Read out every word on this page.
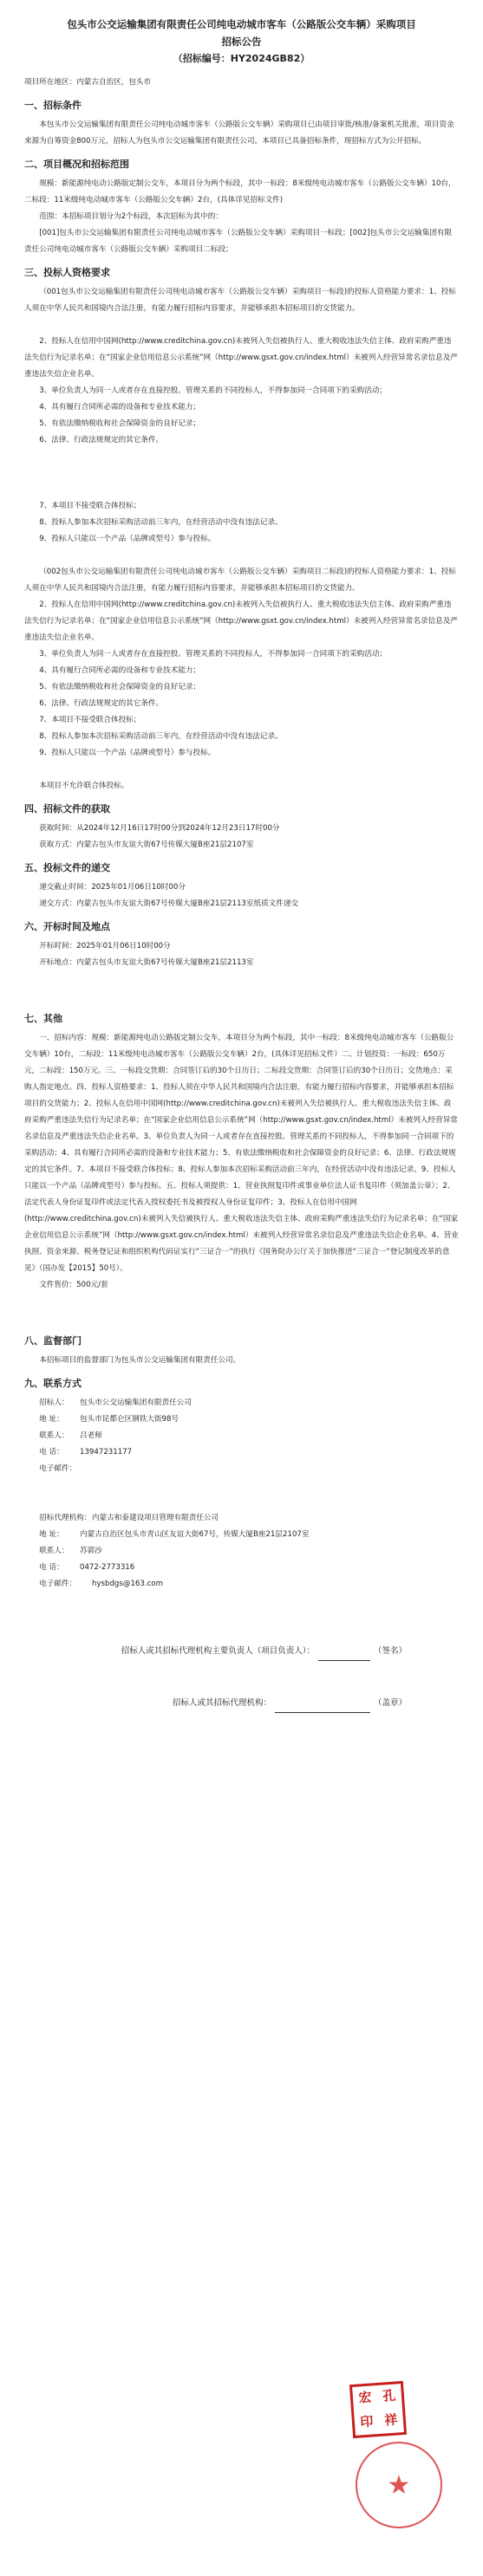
包头市公交运输集团有限责任公司纯电动城市客车（公路版公交车辆）采购项目

招标公告

（招标编号：HY2024GB82）

项目所在地区：内蒙古自治区，包头市

一、招标条件

本包头市公交运输集团有限责任公司纯电动城市客车（公路版公交车辆）采购项目已由项目审批/核准/备案机关批准，项目资金来源为自筹资金800万元，招标人为包头市公交运输集团有限责任公司。本项目已具备招标条件，现招标方式为公开招标。

二、项目概况和招标范围

规模：新能源纯电动公路版定制公交车，本项目分为两个标段，其中一标段：8米级纯电动城市客车（公路版公交车辆）10台，二标段：11米级纯电动城市客车（公路版公交车辆）2台，(具体详见招标文件)

范围：本招标项目划分为2个标段，本次招标为其中的：

[001]包头市公交运输集团有限责任公司纯电动城市客车（公路版公交车辆）采购项目一标段；[002]包头市公交运输集团有限责任公司纯电动城市客车（公路版公交车辆）采购项目二标段；

三、投标人资格要求

（001包头市公交运输集团有限责任公司纯电动城市客车（公路版公交车辆）采购项目一标段)的投标人资格能力要求：1、投标人须在中华人民共和国境内合法注册，有能力履行招标内容要求，并能够承担本招标项目的交货能力。

2、投标人在信用中国网(http://www.creditchina.gov.cn)未被列入失信被执行人、重大税收违法失信主体、政府采购严重违法失信行为记录名单；在“国家企业信用信息公示系统”网（http://www.gsxt.gov.cn/index.html）未被列入经营异常名录信息及严重违法失信企业名单。

3、单位负责人为同一人或者存在直接控股、管理关系的不同投标人，不得参加同一合同项下的采购活动；

4、具有履行合同所必需的设备和专业技术能力；

5、有依法缴纳税收和社会保障资金的良好记录；

6、法律、行政法规规定的其它条件。

7、本项目不接受联合体投标；

8、投标人参加本次招标采购活动前三年内，在经营活动中没有违法记录。

9、投标人只能以一个产品（品牌或型号）参与投标。

（002包头市公交运输集团有限责任公司纯电动城市客车（公路版公交车辆）采购项目二标段)的投标人资格能力要求：1、投标人须在中华人民共和国境内合法注册，有能力履行招标内容要求，并能够承担本招标项目的交货能力。

2、投标人在信用中国网(http://www.creditchina.gov.cn)未被列入失信被执行人、重大税收违法失信主体、政府采购严重违法失信行为记录名单；在“国家企业信用信息公示系统”网（http://www.gsxt.gov.cn/index.html）未被列入经营异常名录信息及严重违法失信企业名单。

3、单位负责人为同一人或者存在直接控股、管理关系的不同投标人，不得参加同一合同项下的采购活动；

4、具有履行合同所必需的设备和专业技术能力；

5、有依法缴纳税收和社会保障资金的良好记录；

6、法律、行政法规规定的其它条件。

7、本项目不接受联合体投标；

8、投标人参加本次招标采购活动前三年内，在经营活动中没有违法记录。

9、投标人只能以一个产品（品牌或型号）参与投标。

本项目不允许联合体投标。

四、招标文件的获取

获取时间：从2024年12月16日17时00分到2024年12月23日17时00分

获取方式：内蒙古包头市友谊大街67号传媒大厦B座21层2107室

五、投标文件的递交

递交截止时间：2025年01月06日10时00分

递交方式：内蒙古包头市友谊大街67号传媒大厦B座21层2113室纸质文件递交

六、开标时间及地点

开标时间：2025年01月06日10时00分

开标地点：内蒙古包头市友谊大街67号传媒大厦B座21层2113室

七、其他

一、招标内容：规模：新能源纯电动公路版定制公交车，本项目分为两个标段，其中一标段：8米级纯电动城市客车（公路版公交车辆）10台，二标段：11米级纯电动城市客车（公路版公交车辆）2台，(具体详见招标文件）二、计划投资：一标段：650万元，二标段：150万元。三、一标段交货期：合同签订后的30个日历日；二标段交货期：合同签订后的30个日历日；交货地点：采购人指定地点。四、投标人资格要求：1、投标人须在中华人民共和国境内合法注册，有能力履行招标内容要求，并能够承担本招标项目的交货能力；2、投标人在信用中国网(http://www.creditchina.gov.cn)未被列入失信被执行人、重大税收违法失信主体、政府采购严重违法失信行为记录名单；在“国家企业信用信息公示系统”网（http://www.gsxt.gov.cn/index.html）未被列入经营异常名录信息及严重违法失信企业名单。3、单位负责人为同一人或者存在直接控股、管理关系的不同投标人，不得参加同一合同项下的采购活动；4、具有履行合同所必需的设备和专业技术能力；5、有依法缴纳税收和社会保障资金的良好记录；6、法律、行政法规规定的其它条件。7、本项目不接受联合体投标；8、投标人参加本次招标采购活动前三年内，在经营活动中没有违法记录。9、投标人只能以一个产品（品牌或型号）参与投标。五、投标人须提供：1、营业执照复印件或事业单位法人证书复印件（须加盖公章）；2、法定代表人身份证复印件或法定代表人授权委托书及被授权人身份证复印件；3、投标人在信用中国网(http://www.creditchina.gov.cn)未被列入失信被执行人、重大税收违法失信主体、政府采购严重违法失信行为记录名单；在“国家企业信用信息公示系统”网（http://www.gsxt.gov.cn/index.html）未被列入经营异常名录信息及严重违法失信企业名单。4、营业执照、资金来源、税务登记证和组织机构代码证实行“三证合一”的执行《国务院办公厅关于加快推进“三证合一”登记制度改革的意见》（国办发【2015】50号）。

文件售价：500元/套

八、监督部门

本招标项目的监督部门为包头市公交运输集团有限责任公司。

九、联系方式
招标人：	包头市公交运输集团有限责任公司
地 址：	包头市昆都仑区钢铁大街98号
联系人：	吕老师
电 话：	13947231177
电子邮件：
招标代理机构： 内蒙古和泰建设项目管理有限责任公司
地 址：	内蒙古自治区包头市青山区友谊大街67号，传媒大厦B座21层2107室
联系人：	苏郭沙
电 话：	0472-2773316
电子邮件：	hysbdgs@163.com
招标人或其招标代理机构主要负责人（项目负责人）：	（签名）
招标人或其招标代理机构：	（盖章）
宏 孔
印 祥
★
